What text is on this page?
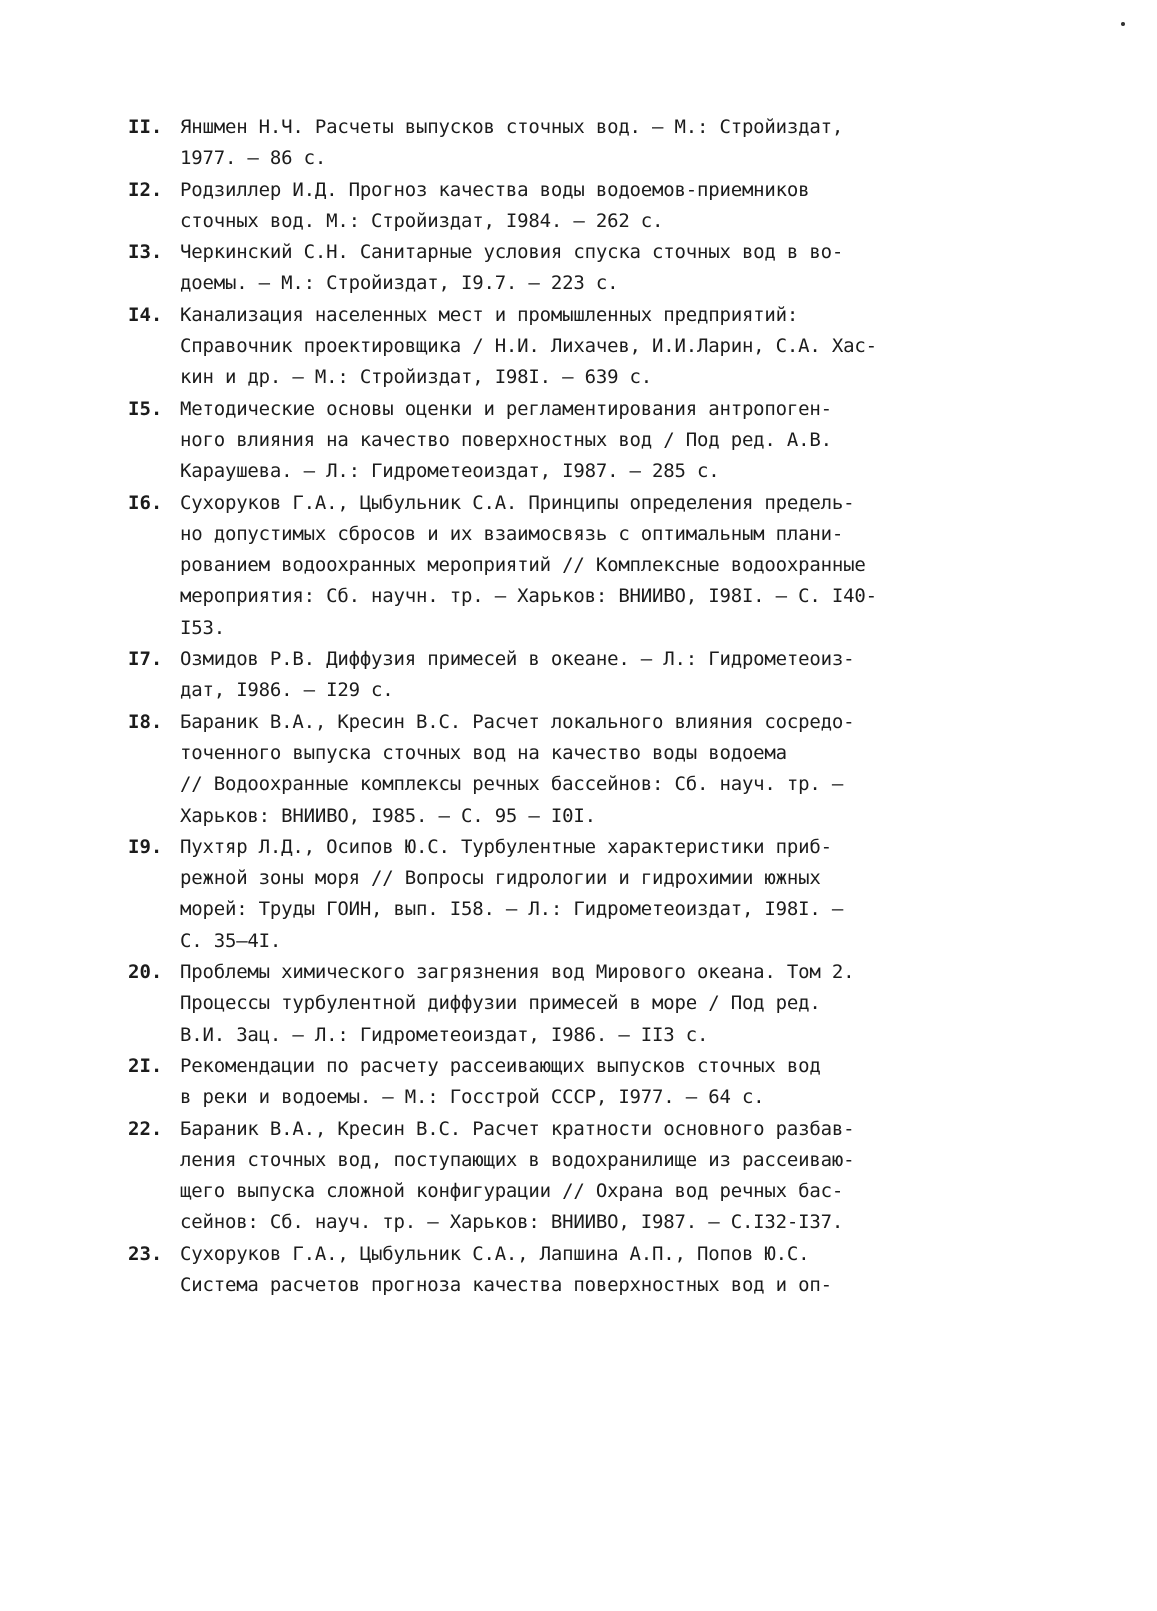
II. Яншмен Н.Ч. Расчеты выпусков сточных вод. – М.: Стройиздат,
1977. – 86 с.
I2. Родзиллер И.Д. Прогноз качества воды водоемов-приемников
сточных вод. М.: Стройиздат, I984. – 262 с.
I3. Черкинский С.Н. Санитарные условия спуска сточных вод в во-
доемы. – М.: Стройиздат, I9.7. – 223 с.
I4. Канализация населенных мест и промышленных предприятий:
Справочник проектировщика / Н.И. Лихачев, И.И.Ларин, С.А. Хас-
кин и др. – М.: Стройиздат, I98I. – 639 с.
I5. Методические основы оценки и регламентирования антропоген-
ного влияния на качество поверхностных вод / Под ред. А.В.
Караушева. – Л.: Гидрометеоиздат, I987. – 285 с.
I6. Сухоруков Г.А., Цыбульник С.А. Принципы определения предель-
но допустимых сбросов и их взаимосвязь с оптимальным плани-
рованием водоохранных мероприятий // Комплексные водоохранные
мероприятия: Сб. научн. тр. – Харьков: ВНИИВО, I98I. – С. I40-
I53.
I7. Озмидов Р.В. Диффузия примесей в океане. – Л.: Гидрометеоиз-
дат, I986. – I29 с.
I8. Бараник В.А., Кресин В.С. Расчет локального влияния сосредо-
точенного выпуска сточных вод на качество воды водоема
// Водоохранные комплексы речных бассейнов: Сб. науч. тр. –
Харьков: ВНИИВО, I985. – С. 95 – I0I.
I9. Пухтяр Л.Д., Осипов Ю.С. Турбулентные характеристики приб-
режной зоны моря // Вопросы гидрологии и гидрохимии южных
морей: Труды ГОИН, вып. I58. – Л.: Гидрометеоиздат, I98I. –
С. 35–4I.
20. Проблемы химического загрязнения вод Мирового океана. Том 2.
Процессы турбулентной диффузии примесей в море / Под ред.
В.И. Зац. – Л.: Гидрометеоиздат, I986. – II3 с.
2I. Рекомендации по расчету рассеивающих выпусков сточных вод
в реки и водоемы. – М.: Госстрой СССР, I977. – 64 с.
22. Бараник В.А., Кресин В.С. Расчет кратности основного разбав-
ления сточных вод, поступающих в водохранилище из рассеиваю-
щего выпуска сложной конфигурации // Охрана вод речных бас-
сейнов: Сб. науч. тр. – Харьков: ВНИИВО, I987. – С.I32-I37.
23. Сухоруков Г.А., Цыбульник С.А., Лапшина А.П., Попов Ю.С.
Система расчетов прогноза качества поверхностных вод и оп-
